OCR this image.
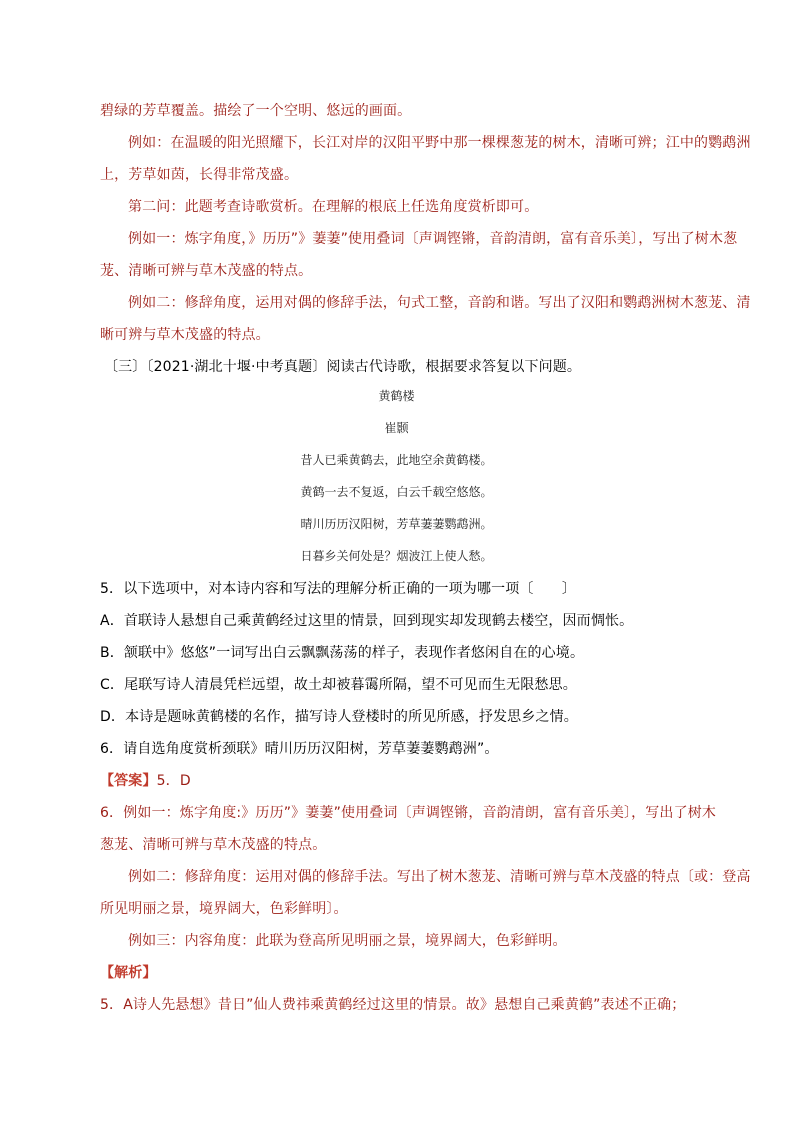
碧绿的芳草覆盖。描绘了一个空明、悠远的画面。
例如：在温暖的阳光照耀下，长江对岸的汉阳平野中那一棵棵葱茏的树木，清晰可辨；江中的鹦鹉洲
上，芳草如茵，长得非常茂盛。
第二问：此题考查诗歌赏析。在理解的根底上任选角度赏析即可。
例如一：炼字角度，》历历”》萋萋”使用叠词〔声调铿锵，音韵清朗，富有音乐美〕，写出了树木葱
茏、清晰可辨与草木茂盛的特点。
例如二：修辞角度，运用对偶的修辞手法，句式工整，音韵和谐。写出了汉阳和鹦鹉洲树木葱茏、清
晰可辨与草木茂盛的特点。
〔三〕〔2021·湖北十堰·中考真题〕阅读古代诗歌，根据要求答复以下问题。
黄鹤楼
崔颢
昔人已乘黄鹤去，此地空余黄鹤楼。
黄鹤一去不复返，白云千载空悠悠。
晴川历历汉阳树，芳草萋萋鹦鹉洲。
日暮乡关何处是？烟波江上使人愁。
5．以下选项中，对本诗内容和写法的理解分析正确的一项为哪一项〔　　〕
A．首联诗人悬想自己乘黄鹤经过这里的情景，回到现实却发现鹤去楼空，因而惆怅。
B．颔联中》悠悠”一词写出白云飘飘荡荡的样子，表现作者悠闲自在的心境。
C．尾联写诗人清晨凭栏远望，故土却被暮霭所隔，望不可见而生无限愁思。
D．本诗是题咏黄鹤楼的名作，描写诗人登楼时的所见所感，抒发思乡之情。
6．请自选角度赏析颈联》晴川历历汉阳树，芳草萋萋鹦鹉洲”。
【答案】5．D
6．例如一：炼字角度:》历历”》萋萋”使用叠词〔声调铿锵，音韵清朗，富有音乐美〕，写出了树木
葱茏、清晰可辨与草木茂盛的特点。
例如二：修辞角度：运用对偶的修辞手法。写出了树木葱茏、清晰可辨与草木茂盛的特点〔或：登高
所见明丽之景，境界阔大，色彩鲜明〕。
例如三：内容角度：此联为登高所见明丽之景，境界阔大，色彩鲜明。
【解析】
5．A诗人先悬想》昔日”仙人费祎乘黄鹤经过这里的情景。故》悬想自己乘黄鹤”表述不正确；
